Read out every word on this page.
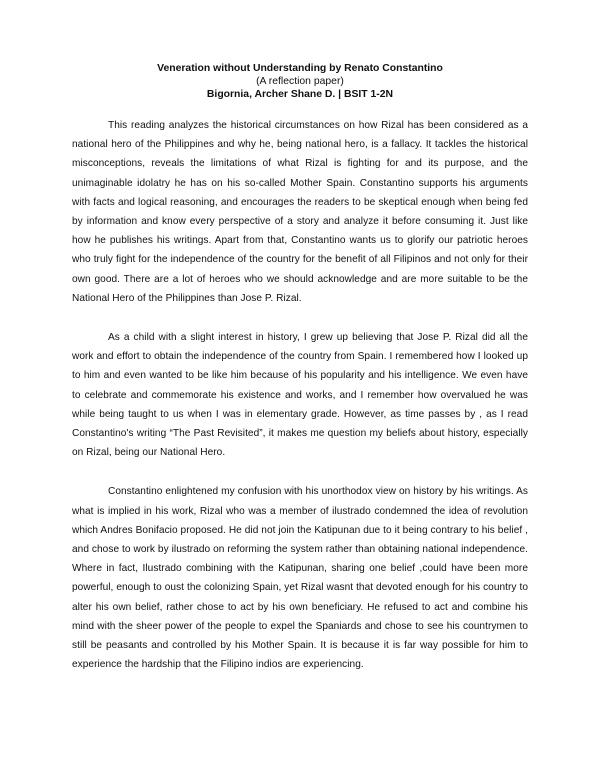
Veneration without Understanding by Renato Constantino
(A reflection paper)
Bigornia, Archer Shane D. | BSIT 1-2N

This reading analyzes the historical circumstances on how Rizal has been considered as a national hero of the Philippines and why he, being national hero, is a fallacy. It tackles the historical misconceptions, reveals the limitations of what Rizal is fighting for and its purpose, and the unimaginable idolatry he has on his so-called Mother Spain. Constantino supports his arguments with facts and logical reasoning, and encourages the readers to be skeptical enough when being fed by information and know every perspective of a story and analyze it before consuming it. Just like how he publishes his writings. Apart from that, Constantino wants us to glorify our patriotic heroes who truly fight for the independence of the country for the benefit of all Filipinos and not only for their own good. There are a lot of heroes who we should acknowledge and are more suitable to be the National Hero of the Philippines than Jose P. Rizal.

As a child with a slight interest in history, I grew up believing that Jose P. Rizal did all the work and effort to obtain the independence of the country from Spain. I remembered how I looked up to him and even wanted to be like him because of his popularity and his intelligence. We even have to celebrate and commemorate his existence and works, and I remember how overvalued he was while being taught to us when I was in elementary grade. However, as time passes by , as I read Constantino's writing “The Past Revisited”, it makes me question my beliefs about history, especially on Rizal, being our National Hero.

Constantino enlightened my confusion with his unorthodox view on history by his writings. As what is implied in his work, Rizal who was a member of ilustrado condemned the idea of revolution which Andres Bonifacio proposed. He did not join the Katipunan due to it being contrary to his belief , and chose to work by ilustrado on reforming the system rather than obtaining national independence. Where in fact, Ilustrado combining with the Katipunan, sharing one belief ,could have been more powerful, enough to oust the colonizing Spain, yet Rizal wasnt that devoted enough for his country to alter his own belief, rather chose to act by his own beneficiary. He refused to act and combine his mind with the sheer power of the people to expel the Spaniards and chose to see his countrymen to still be peasants and controlled by his Mother Spain. It is because it is far way possible for him to experience the hardship that the Filipino indios are experiencing.
